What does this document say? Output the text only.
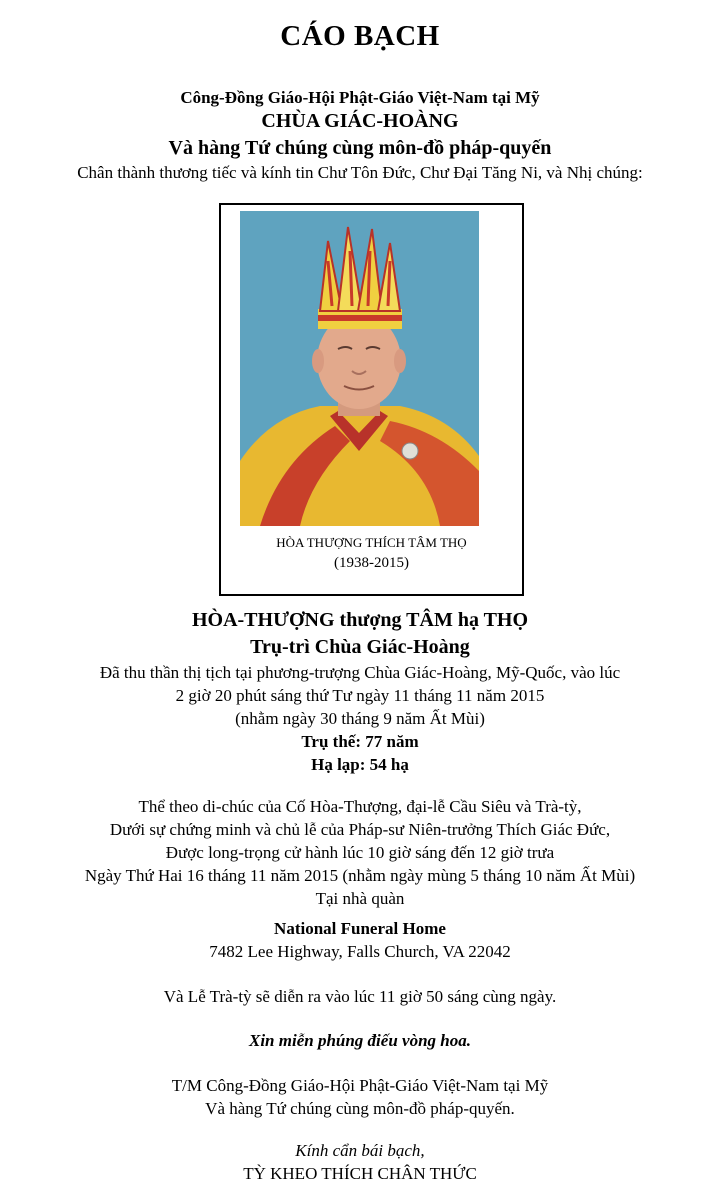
CÁO BẠCH
Công-Đồng Giáo-Hội Phật-Giáo Việt-Nam tại Mỹ
CHÙA GIÁC-HOÀNG
Và hàng Tứ chúng cùng môn-đồ pháp-quyến
Chân thành thương tiếc và kính tin Chư Tôn Đức, Chư Đại Tăng Ni, và Nhị chúng:
HÒA THƯỢNG THÍCH TÂM THỌ
(1938-2015)
HÒA-THƯỢNG thượng TÂM hạ THỌ
Trụ-trì Chùa Giác-Hoàng
Đã thu thần thị tịch tại phương-trượng Chùa Giác-Hoàng, Mỹ-Quốc, vào lúc
2 giờ 20 phút sáng thứ Tư ngày 11 tháng 11 năm 2015
(nhằm ngày 30 tháng 9 năm Ất Mùi)
Trụ thế: 77 năm
Hạ lạp: 54 hạ
Thể theo di-chúc của Cố Hòa-Thượng, đại-lễ Cầu Siêu và Trà-tỳ,
Dưới sự chứng minh và chủ lễ của Pháp-sư Niên-trưởng Thích Giác Đức,
Được long-trọng cử hành lúc 10 giờ sáng đến 12 giờ trưa
Ngày Thứ Hai 16 tháng 11 năm 2015 (nhằm ngày mùng 5 tháng 10 năm Ất Mùi)
Tại nhà quàn
National Funeral Home
7482 Lee Highway, Falls Church, VA 22042
Và Lễ Trà-tỳ sẽ diễn ra vào lúc 11 giờ 50 sáng cùng ngày.
Xin miễn phúng điếu vòng hoa.
T/M Công-Đồng Giáo-Hội Phật-Giáo Việt-Nam tại Mỹ
Và hàng Tứ chúng cùng môn-đồ pháp-quyến.
Kính cẩn bái bạch,
TỲ KHEO THÍCH CHÂN THỨC
